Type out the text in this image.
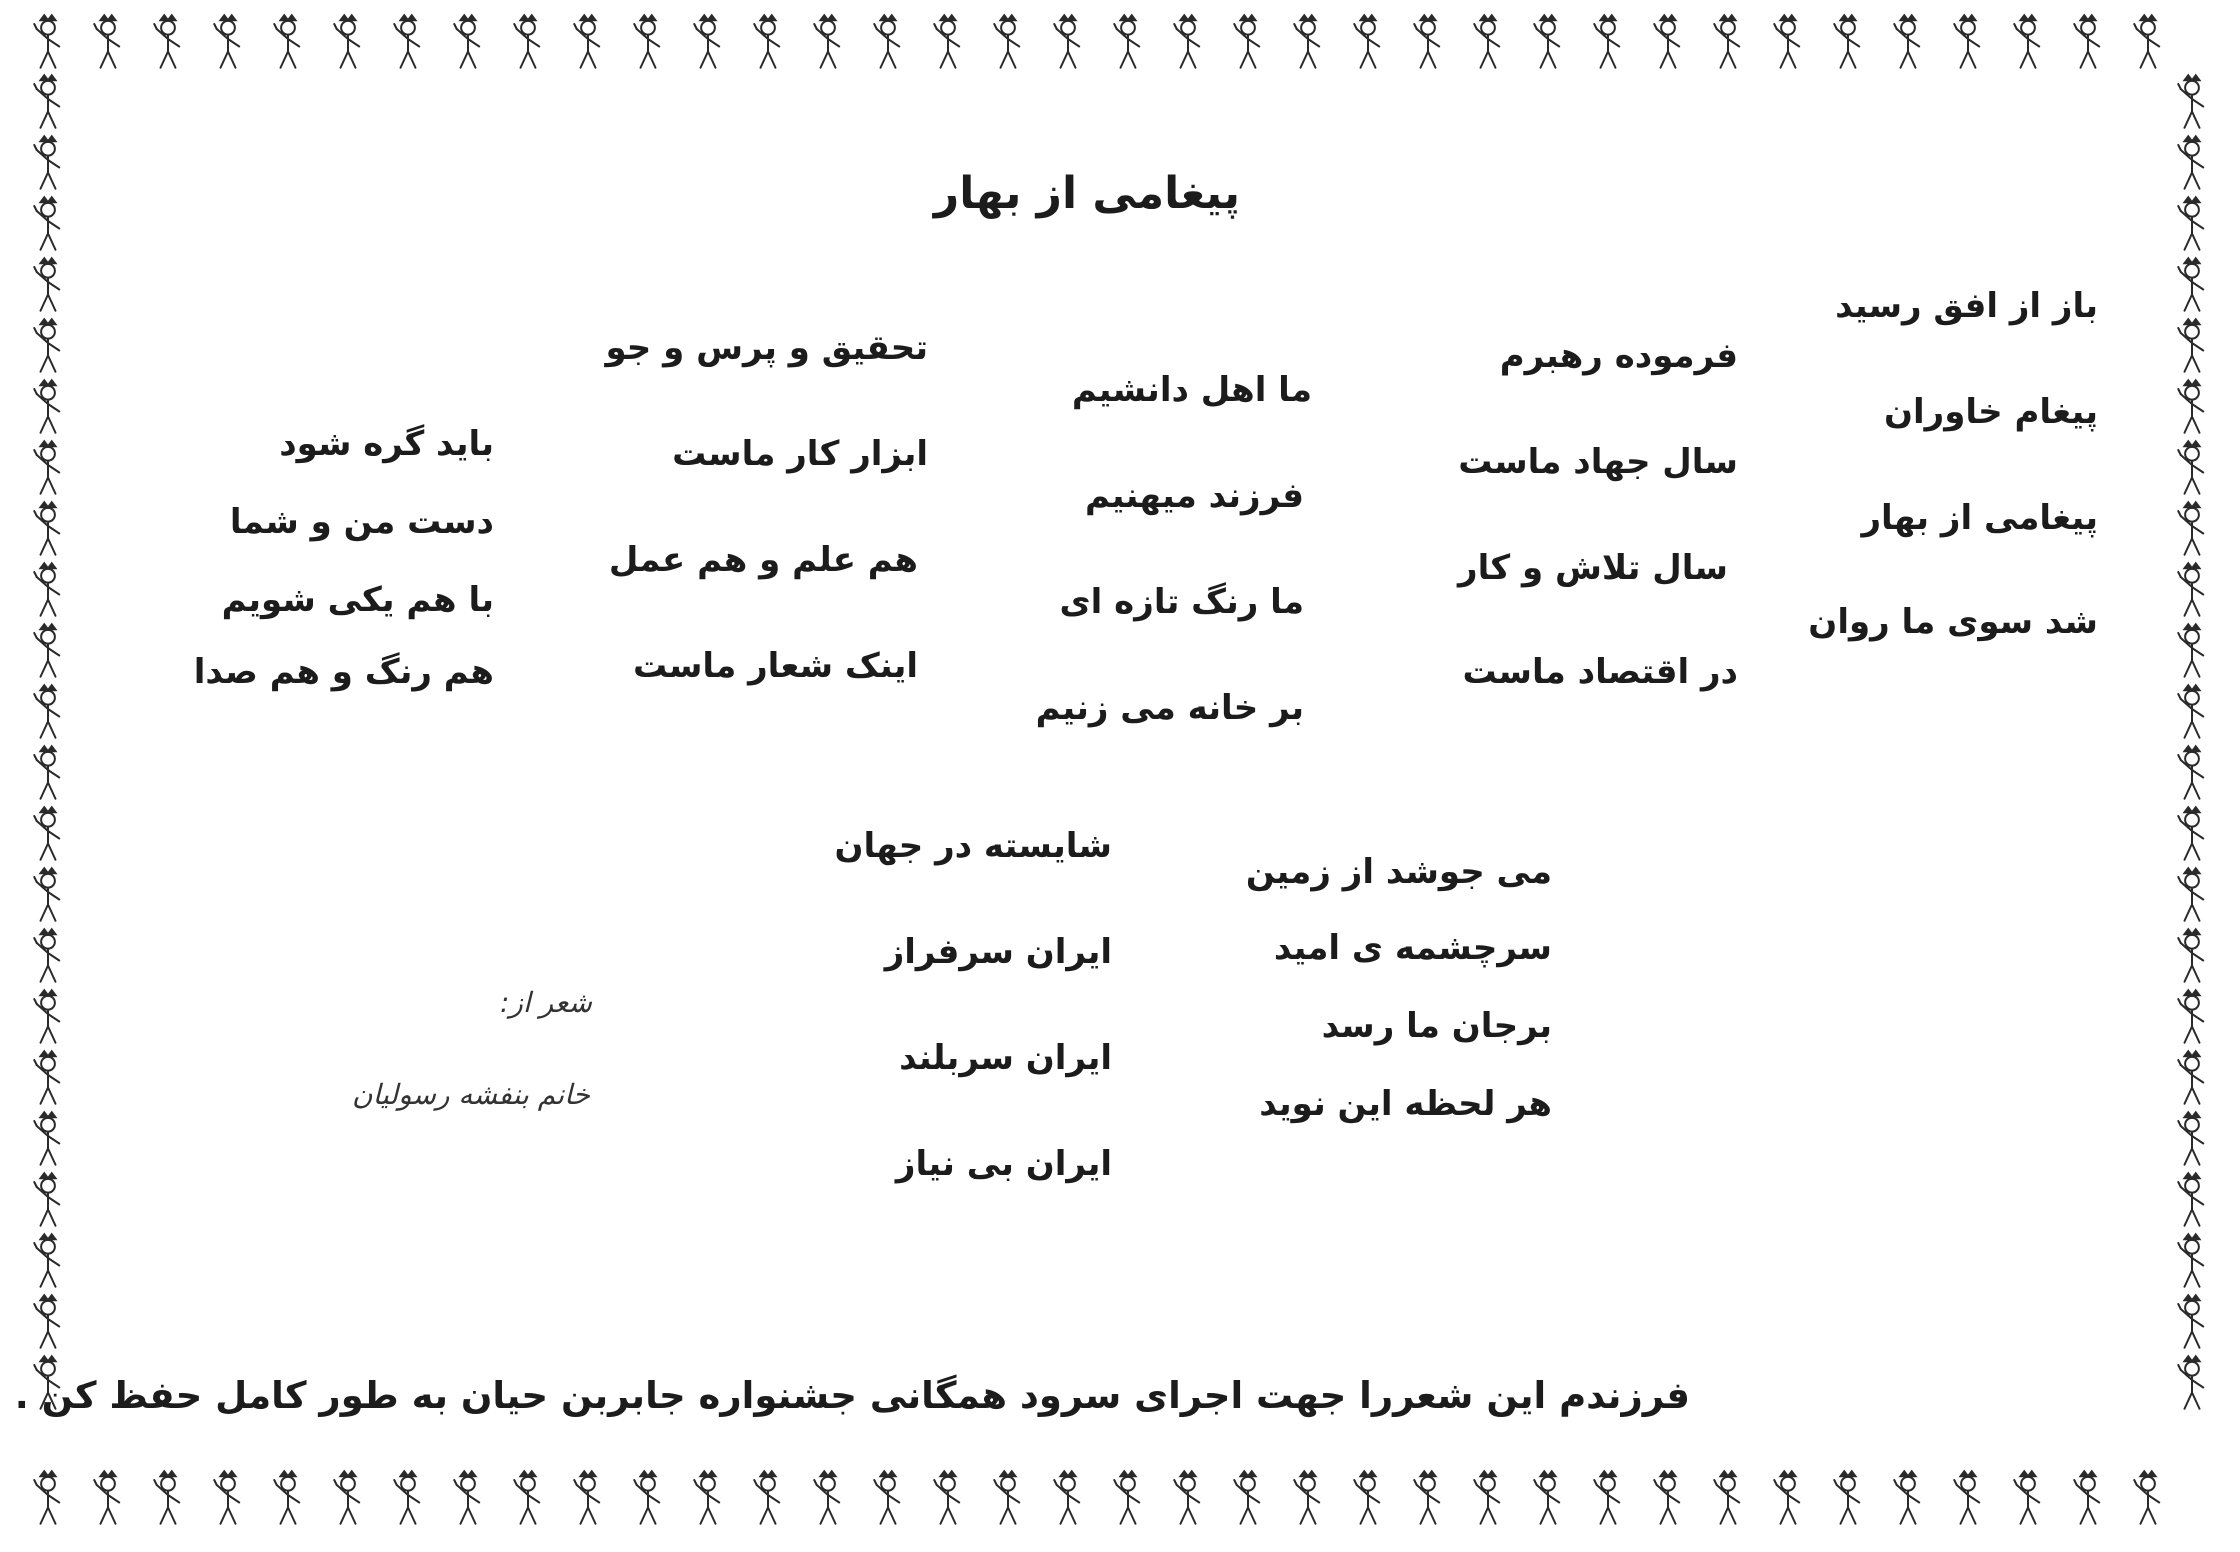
پیغامی از بهار
باز از افق رسید
پیغام خاوران
پیغامی از بهار
شد سوی ما روان
فرموده رهبرم
سال جهاد ماست
سال تلاش و کار
در اقتصاد ماست
ما اهل دانشیم
فرزند میهنیم
ما رنگ تازه ای
بر خانه می زنیم
تحقیق و پرس و جو
ابزار کار ماست
هم علم و هم عمل
اینک شعار ماست
باید گره شود
دست من و شما
با هم یکی شویم
هم رنگ و هم صدا
می جوشد از زمین
سرچشمه ی امید
برجان ما رسد
هر لحظه این نوید
شایسته در جهان
ایران سرفراز
ایران سربلند
ایران بی نیاز
شعر از:
خانم بنفشه رسولیان
فرزندم این شعررا جهت اجرای سرود همگانی جشنواره جابربن حیان به طور کامل حفظ کن .
